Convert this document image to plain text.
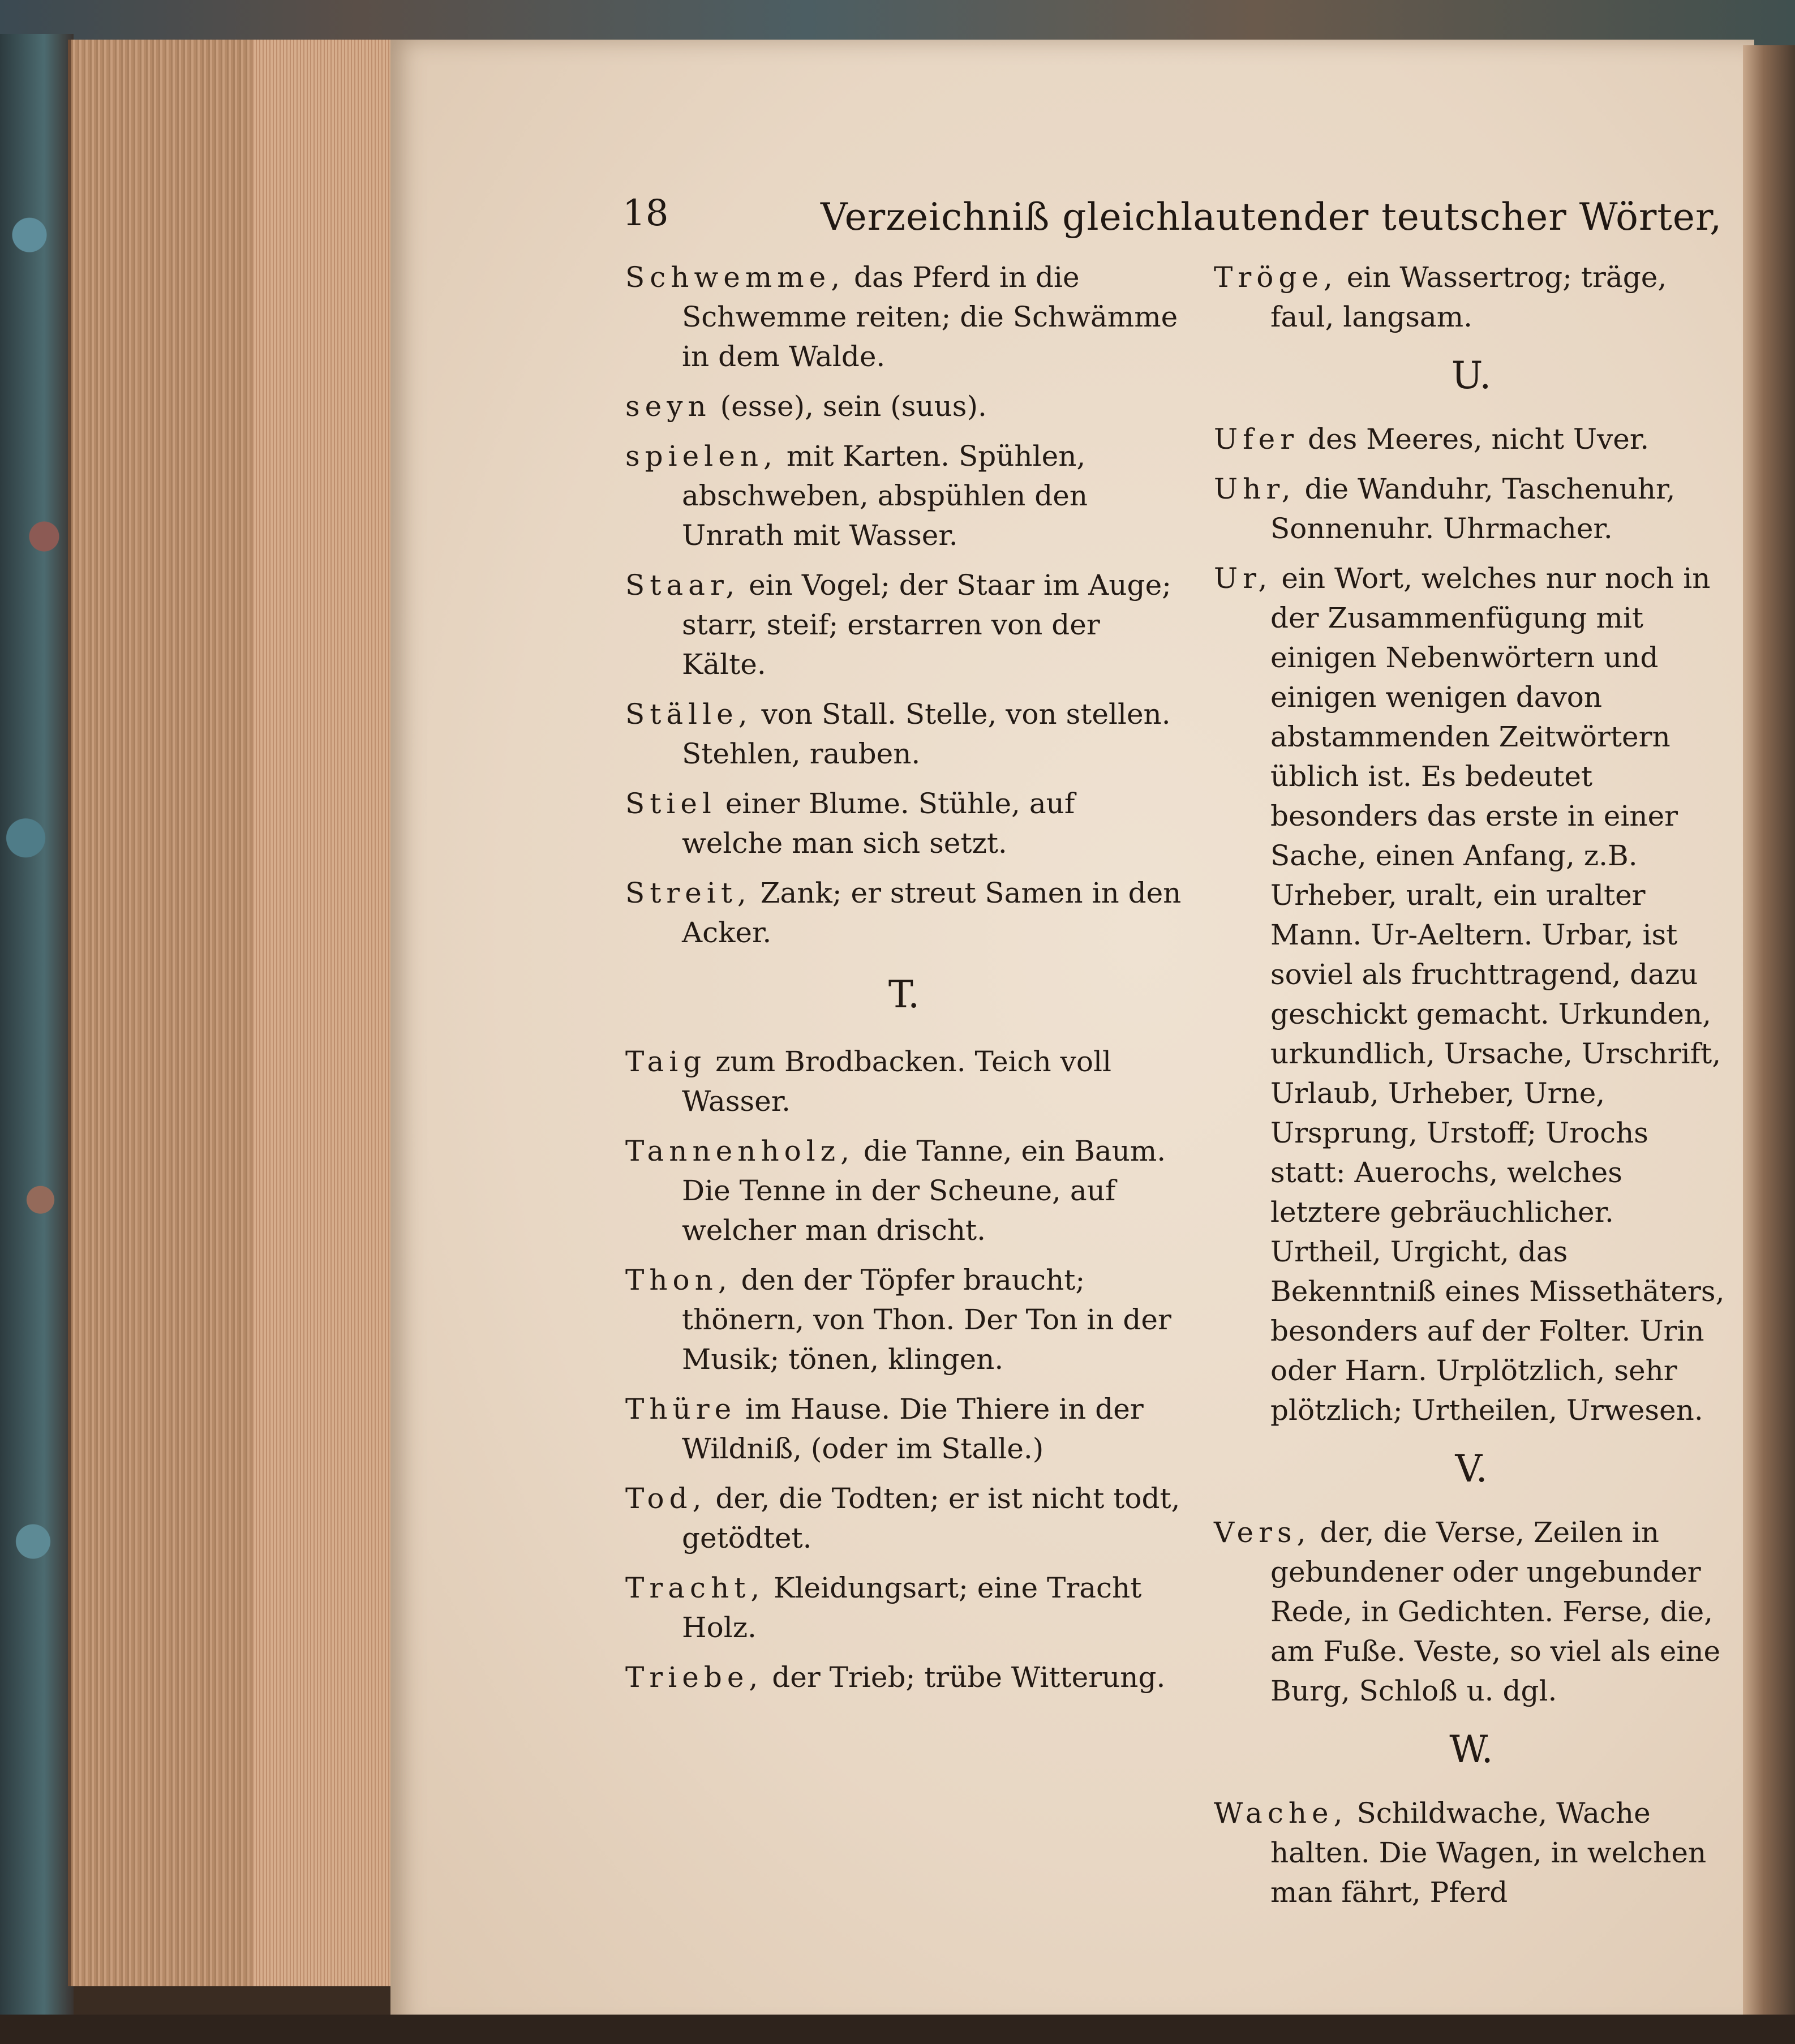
18	Verzeichniß gleichlautender teutscher Wörter,
Schwemme, das Pferd in die Schwemme reiten; die Schwämme in dem Walde.
seyn (esse), sein (suus).
spielen, mit Karten. Spühlen, abschweben, abspühlen den Unrath mit Wasser.
Staar, ein Vogel; der Staar im Auge; starr, steif; erstarren von der Kälte.
Ställe, von Stall. Stelle, von stellen. Stehlen, rauben.
Stiel einer Blume. Stühle, auf welche man sich setzt.
Streit, Zank; er streut Samen in den Acker.
T.
Taig zum Brodbacken. Teich voll Wasser.
Tannenholz, die Tanne, ein Baum. Die Tenne in der Scheune, auf welcher man drischt.
Thon, den der Töpfer braucht; thönern, von Thon. Der Ton in der Musik; tönen, klingen.
Thüre im Hause. Die Thiere in der Wildniß, (oder im Stalle.)
Tod, der, die Todten; er ist nicht todt, getödtet.
Tracht, Kleidungsart; eine Tracht Holz.
Triebe, der Trieb; trübe Witterung.
Tröge, ein Wassertrog; träge, faul, langsam.
U.
Ufer des Meeres, nicht Uver.
Uhr, die Wanduhr, Taschenuhr, Sonnenuhr. Uhrmacher.
Ur, ein Wort, welches nur noch in der Zusammenfügung mit einigen Nebenwörtern und einigen wenigen davon abstammenden Zeitwörtern üblich ist. Es bedeutet besonders das erste in einer Sache, einen Anfang, z.B. Urheber, uralt, ein uralter Mann. Ur-Aeltern. Urbar, ist soviel als fruchttragend, dazu geschickt gemacht. Urkunden, urkundlich, Ursache, Urschrift, Urlaub, Urheber, Urne, Ursprung, Urstoff; Urochs statt: Auerochs, welches letztere gebräuchlicher. Urtheil, Urgicht, das Bekenntniß eines Missethäters, besonders auf der Folter. Urin oder Harn. Urplötzlich, sehr plötzlich; Urtheilen, Urwesen.
V.
Vers, der, die Verse, Zeilen in gebundener oder ungebunder Rede, in Gedichten. Ferse, die, am Fuße. Veste, so viel als eine Burg, Schloß u. dgl.
W.
Wache, Schildwache, Wache halten. Die Wagen, in welchen man fährt, Pferd
